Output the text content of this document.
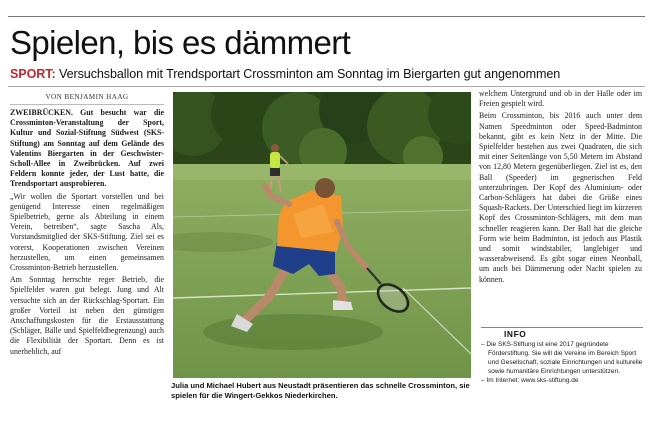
Spielen, bis es dämmert
SPORT: Versuchsballon mit Trendsportart Crossminton am Sonntag im Biergarten gut angenommen
VON BENJAMIN HAAG

ZWEIBRÜCKEN. Gut besucht war die Crossminton-Veranstaltung der Sport, Kultur und Sozial-Stiftung Südwest (SKS-Stiftung) am Sonntag auf dem Gelände des Valentins Biergarten in der Geschwister-Scholl-Allee in Zweibrücken. Auf zwei Feldern konnte jeder, der Lust hatte, die Trendsportart ausprobieren.

„Wir wollen die Sportart vorstellen und bei genügend Interesse einen regelmäßigen Spielbetrieb, gerne als Abteilung in einem Verein, betreiben“, sagte Sascha Als, Vorstandsmitglied der SKS-Stiftung. Ziel sei es vorerst, Kooperationen zwischen Vereinen herzustellen, um einen gemeinsamen Crossminton-Betrieb herzustellen.

Am Sonntag herrschte reger Betrieb, die Spielfelder waren gut belegt. Jung und Alt versuchte sich an der Rückschlag-Sportart. Ein großer Vorteil ist neben den günstigen Anschaffungskosten für die Erstausstattung (Schläger, Bälle und Spielfeldbegrenzung) auch die Flexibilität der Sportart. Denn es ist unerheblich, auf

Julia und Michael Hubert aus Neustadt präsentieren das schnelle Crossminton, sie spielen für die Wingert-Gekkos Niederkirchen.

welchem Untergrund und ob in der Halle oder im Freien gespielt wird.

Beim Crossminton, bis 2016 auch unter dem Namen Speedminton oder Speed-Badminton bekannt, gibt es kein Netz in der Mitte. Die Spielfelder bestehen aus zwei Quadraten, die sich mit einer Seitenlänge von 5,50 Metern im Abstand von 12,80 Metern gegenüberliegen. Ziel ist es, den Ball (Speeder) im gegnerischen Feld unterzubringen. Der Kopf des Aluminium- oder Carbon-Schlägers hat dabei die Größe eines Squash-Rackets. Der Unterschied liegt im kürzeren Kopf des Crossminton-Schlägers, mit dem man schneller reagieren kann. Der Ball hat die gleiche Form wie beim Badminton, ist jedoch aus Plastik und somit windstabiler, langlebiger und wasserabweisend. Es gibt sogar einen Neonball, um auch bei Dämmerung oder Nacht spielen zu können.

INFO
– Die SKS-Stiftung ist eine 2017 gegründete Förderstiftung. Sie will die Vereine im Bereich Sport und Gesellschaft, soziale Einrichtungen und kulturelle sowie humanitäre Einrichtungen unterstützen.
– Im Internet: www.sks-stiftung.de
